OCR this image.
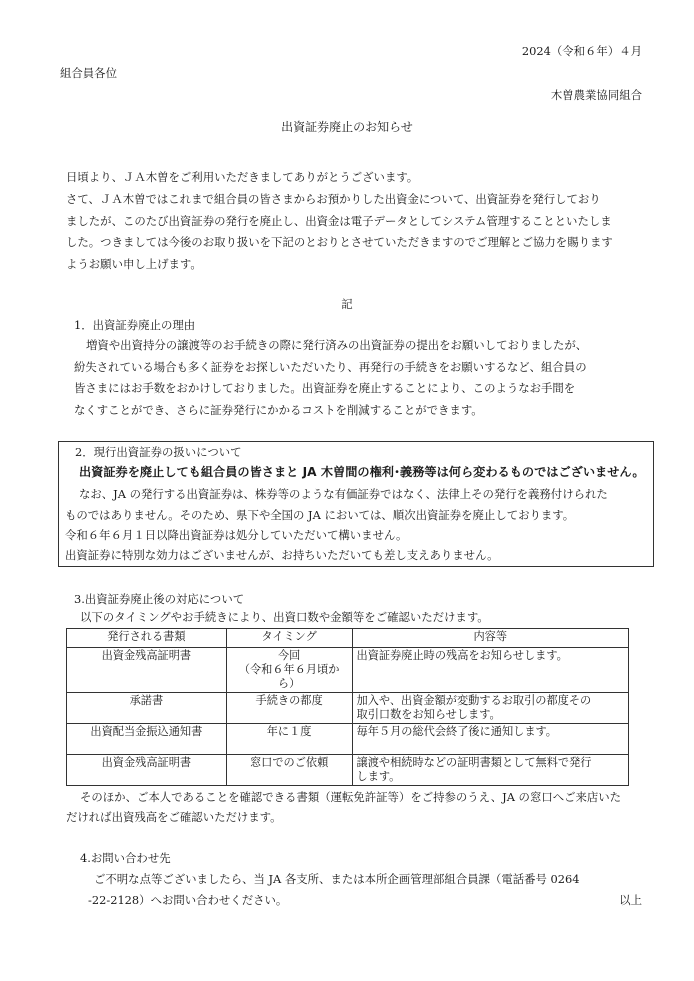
2024（令和６年）４月
組合員各位
木曽農業協同組合
出資証券廃止のお知らせ
日頃より、ＪＡ木曽をご利用いただきましてありがとうございます。
さて、ＪＡ木曽ではこれまで組合員の皆さまからお預かりした出資金について、出資証券を発行しており
ましたが、このたび出資証券の発行を廃止し、出資金は電子データとしてシステム管理することといたしま
した。つきましては今後のお取り扱いを下記のとおりとさせていただきますのでご理解とご協力を賜ります
ようお願い申し上げます。
記
1．出資証券廃止の理由
増資や出資持分の譲渡等のお手続きの際に発行済みの出資証券の提出をお願いしておりましたが、
紛失されている場合も多く証券をお探しいただいたり、再発行の手続きをお願いするなど、組合員の
皆さまにはお手数をおかけしておりました。出資証券を廃止することにより、このようなお手間を
なくすことができ、さらに証券発行にかかるコストを削減することができます。
2．現行出資証券の扱いについて
出資証券を廃止しても組合員の皆さまと JA 木曽間の権利･義務等は何ら変わるものではございません。
なお、JA の発行する出資証券は、株券等のような有価証券ではなく、法律上その発行を義務付けられた
ものではありません。そのため、県下や全国の JA においては、順次出資証券を廃止しております。
令和６年６月１日以降出資証券は処分していただいて構いません。
出資証券に特別な効力はございませんが、お持ちいただいても差し支えありません。
3.出資証券廃止後の対応について
以下のタイミングやお手続きにより、出資口数や金額等をご確認いただけます。
発行される書類	タイミング	内容等
出資金残高証明書	今回
（令和６年６月頃から）	出資証券廃止時の残高をお知らせします。

承諾書	手続きの都度	加入や、出資金額が変動するお取引の都度その
取引口数をお知らせします。

出資配当金振込通知書	年に１度	毎年５月の総代会終了後に通知します。

出資金残高証明書	窓口でのご依頼	譲渡や相続時などの証明書類として無料で発行
します。
そのほか、ご本人であることを確認できる書類（運転免許証等）をご持参のうえ、JA の窓口へご来店いた
だければ出資残高をご確認いただけます。
4.お問い合わせ先
ご不明な点等ございましたら、当 JA 各支所、または本所企画管理部組合員課（電話番号 0264
-22-2128）へお問い合わせください。	以上
